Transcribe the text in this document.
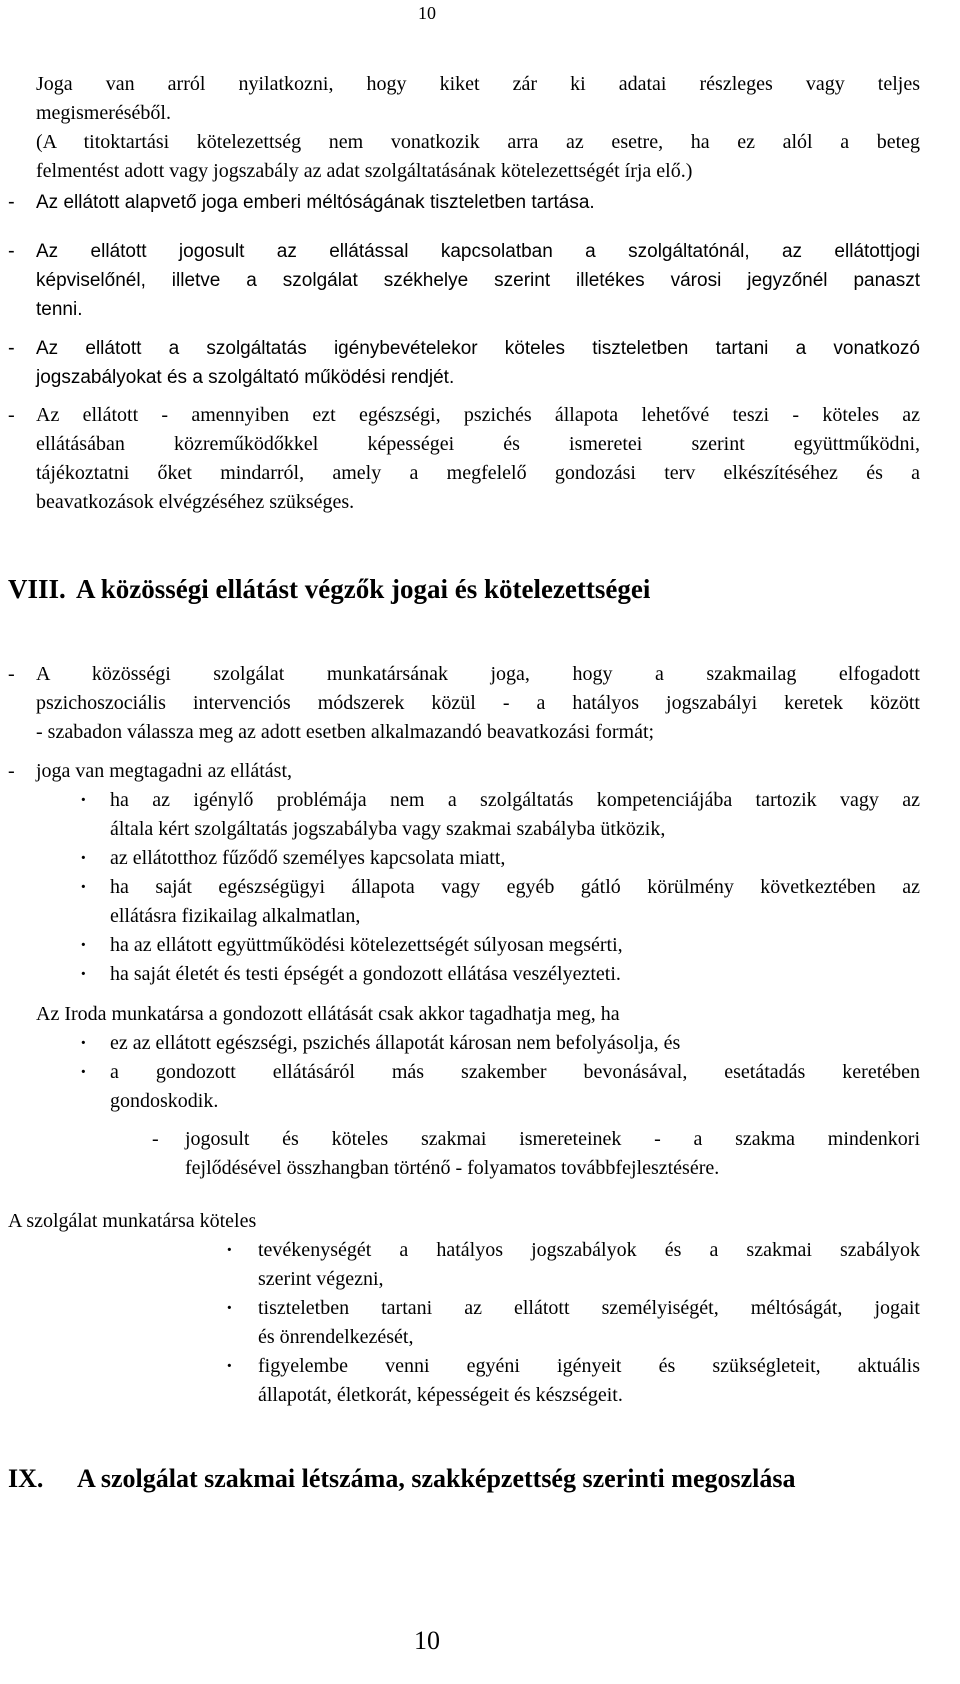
10
Joga van arról nyilatkozni, hogy kiket zár ki adatai részleges vagy teljes
megismeréséből.
(A titoktartási kötelezettség nem vonatkozik arra az esetre, ha ez alól a beteg
felmentést adott vagy jogszabály az adat szolgáltatásának kötelezettségét írja elő.)
- Az ellátott alapvető joga emberi méltóságának tiszteletben tartása.
- Az ellátott jogosult az ellátással kapcsolatban a szolgáltatónál, az ellátottjogi
képviselőnél, illetve a szolgálat székhelye szerint illetékes városi jegyzőnél panaszt
tenni.
- Az ellátott a szolgáltatás igénybevételekor köteles tiszteletben tartani a vonatkozó
jogszabályokat és a szolgáltató működési rendjét.
- Az ellátott - amennyiben ezt egészségi, pszichés állapota lehetővé teszi - köteles az
ellátásában közreműködőkkel képességei és ismeretei szerint együttműködni,
tájékoztatni őket mindarról, amely a megfelelő gondozási terv elkészítéséhez és a
beavatkozások elvégzéséhez szükséges.
VIII. A közösségi ellátást végzők jogai és kötelezettségei
- A közösségi szolgálat munkatársának joga, hogy a szakmailag elfogadott
pszichoszociális intervenciós módszerek közül - a hatályos jogszabályi keretek között
- szabadon válassza meg az adott esetben alkalmazandó beavatkozási formát;
- joga van megtagadni az ellátást,
· ha az igénylő problémája nem a szolgáltatás kompetenciájába tartozik vagy az
általa kért szolgáltatás jogszabályba vagy szakmai szabályba ütközik,
· az ellátotthoz fűződő személyes kapcsolata miatt,
· ha saját egészségügyi állapota vagy egyéb gátló körülmény következtében az
ellátásra fizikailag alkalmatlan,
· ha az ellátott együttműködési kötelezettségét súlyosan megsérti,
· ha saját életét és testi épségét a gondozott ellátása veszélyezteti.
Az Iroda munkatársa a gondozott ellátását csak akkor tagadhatja meg, ha
· ez az ellátott egészségi, pszichés állapotát károsan nem befolyásolja, és
· a gondozott ellátásáról más szakember bevonásával, esetátadás keretében
gondoskodik.
- jogosult és köteles szakmai ismereteinek - a szakma mindenkori
fejlődésével összhangban történő - folyamatos továbbfejlesztésére.
A szolgálat munkatársa köteles
· tevékenységét a hatályos jogszabályok és a szakmai szabályok
szerint végezni,
· tiszteletben tartani az ellátott személyiségét, méltóságát, jogait
és önrendelkezését,
· figyelembe venni egyéni igényeit és szükségleteit, aktuális
állapotát, életkorát, képességeit és készségeit.
IX. A szolgálat szakmai létszáma, szakképzettség szerinti megoszlása
10
